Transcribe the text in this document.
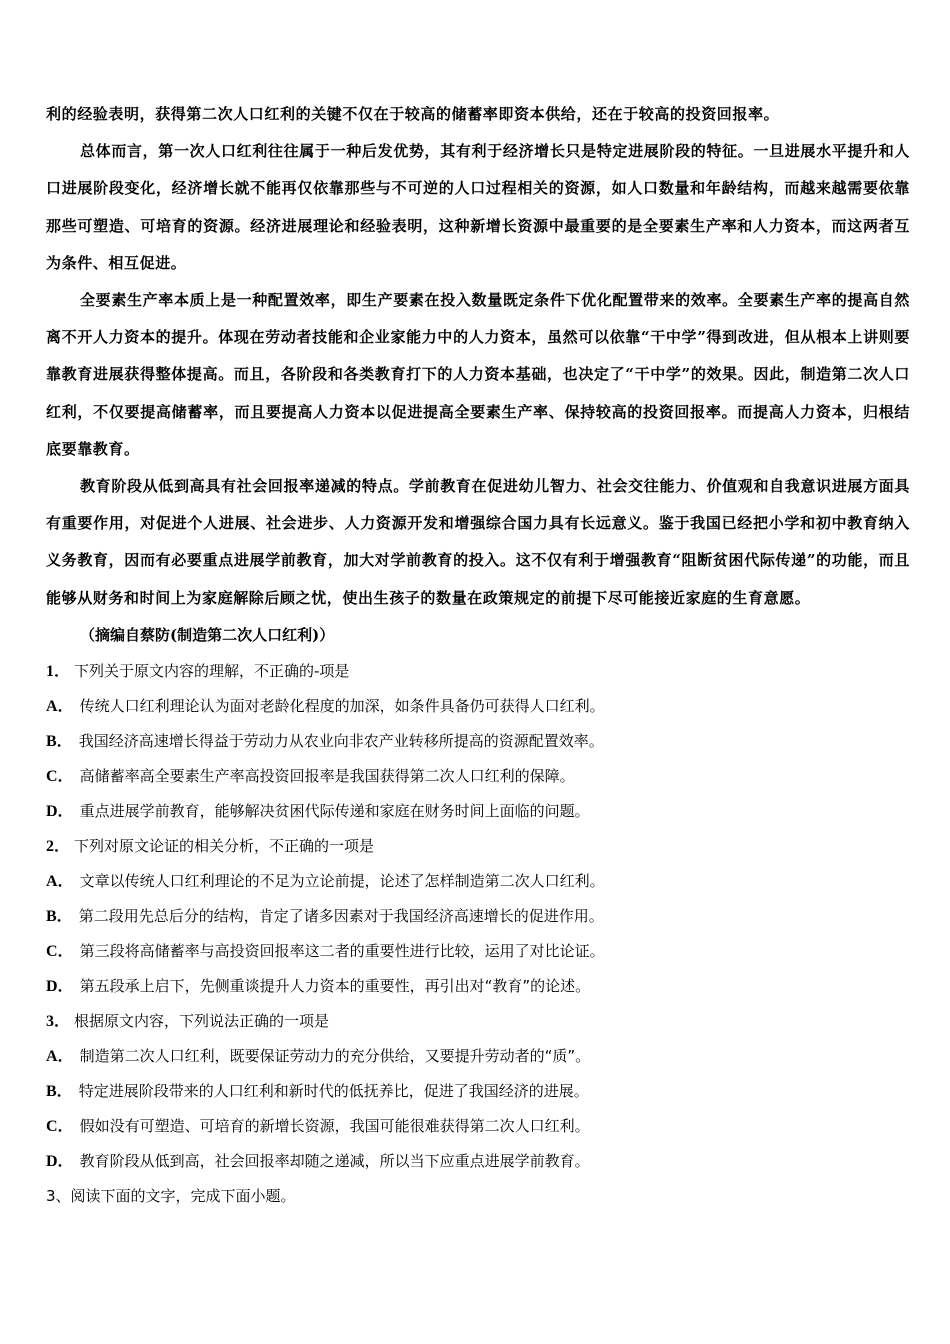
利的经验表明，获得第二次人口红利的关键不仅在于较高的储蓄率即资本供给，还在于较高的投资回报率。

总体而言，第一次人口红利往往属于一种后发优势，其有利于经济增长只是特定进展阶段的特征。一旦进展水平提升和人口进展阶段变化，经济增长就不能再仅依靠那些与不可逆的人口过程相关的资源，如人口数量和年龄结构，而越来越需要依靠那些可塑造、可培育的资源。经济进展理论和经验表明，这种新增长资源中最重要的是全要素生产率和人力资本，而这两者互为条件、相互促进。

全要素生产率本质上是一种配置效率，即生产要素在投入数量既定条件下优化配置带来的效率。全要素生产率的提高自然离不开人力资本的提升。体现在劳动者技能和企业家能力中的人力资本，虽然可以依靠“干中学”得到改进，但从根本上讲则要靠教育进展获得整体提高。而且，各阶段和各类教育打下的人力资本基础，也决定了“干中学”的效果。因此，制造第二次人口红利，不仅要提高储蓄率，而且要提高人力资本以促进提高全要素生产率、保持较高的投资回报率。而提高人力资本，归根结底要靠教育。

教育阶段从低到高具有社会回报率递减的特点。学前教育在促进幼儿智力、社会交往能力、价值观和自我意识进展方面具有重要作用，对促进个人进展、社会进步、人力资源开发和增强综合国力具有长远意义。鉴于我国已经把小学和初中教育纳入义务教育，因而有必要重点进展学前教育，加大对学前教育的投入。这不仅有利于增强教育“阻断贫困代际传递”的功能，而且能够从财务和时间上为家庭解除后顾之忧，使出生孩子的数量在政策规定的前提下尽可能接近家庭的生育意愿。

（摘编自蔡防(制造第二次人口红利)）

1． 下列关于原文内容的理解，不正确的-项是

A． 传统人口红利理论认为面对老龄化程度的加深，如条件具备仍可获得人口红利。

B． 我国经济高速增长得益于劳动力从农业向非农产业转移所提高的资源配置效率。

C． 高储蓄率高全要素生产率高投资回报率是我国获得第二次人口红利的保障。

D． 重点进展学前教育，能够解决贫困代际传递和家庭在财务时间上面临的问题。

2． 下列对原文论证的相关分析，不正确的一项是

A． 文章以传统人口红利理论的不足为立论前提，论述了怎样制造第二次人口红利。

B． 第二段用先总后分的结构，肯定了诸多因素对于我国经济高速增长的促进作用。

C． 第三段将高储蓄率与高投资回报率这二者的重要性进行比较，运用了对比论证。

D． 第五段承上启下，先侧重谈提升人力资本的重要性，再引出对“教育”的论述。

3． 根据原文内容，下列说法正确的一项是

A． 制造第二次人口红利，既要保证劳动力的充分供给，又要提升劳动者的“质”。

B． 特定进展阶段带来的人口红利和新时代的低抚养比，促进了我国经济的进展。

C． 假如没有可塑造、可培育的新增长资源，我国可能很难获得第二次人口红利。

D． 教育阶段从低到高，社会回报率却随之递减，所以当下应重点进展学前教育。

3、阅读下面的文字，完成下面小题。
